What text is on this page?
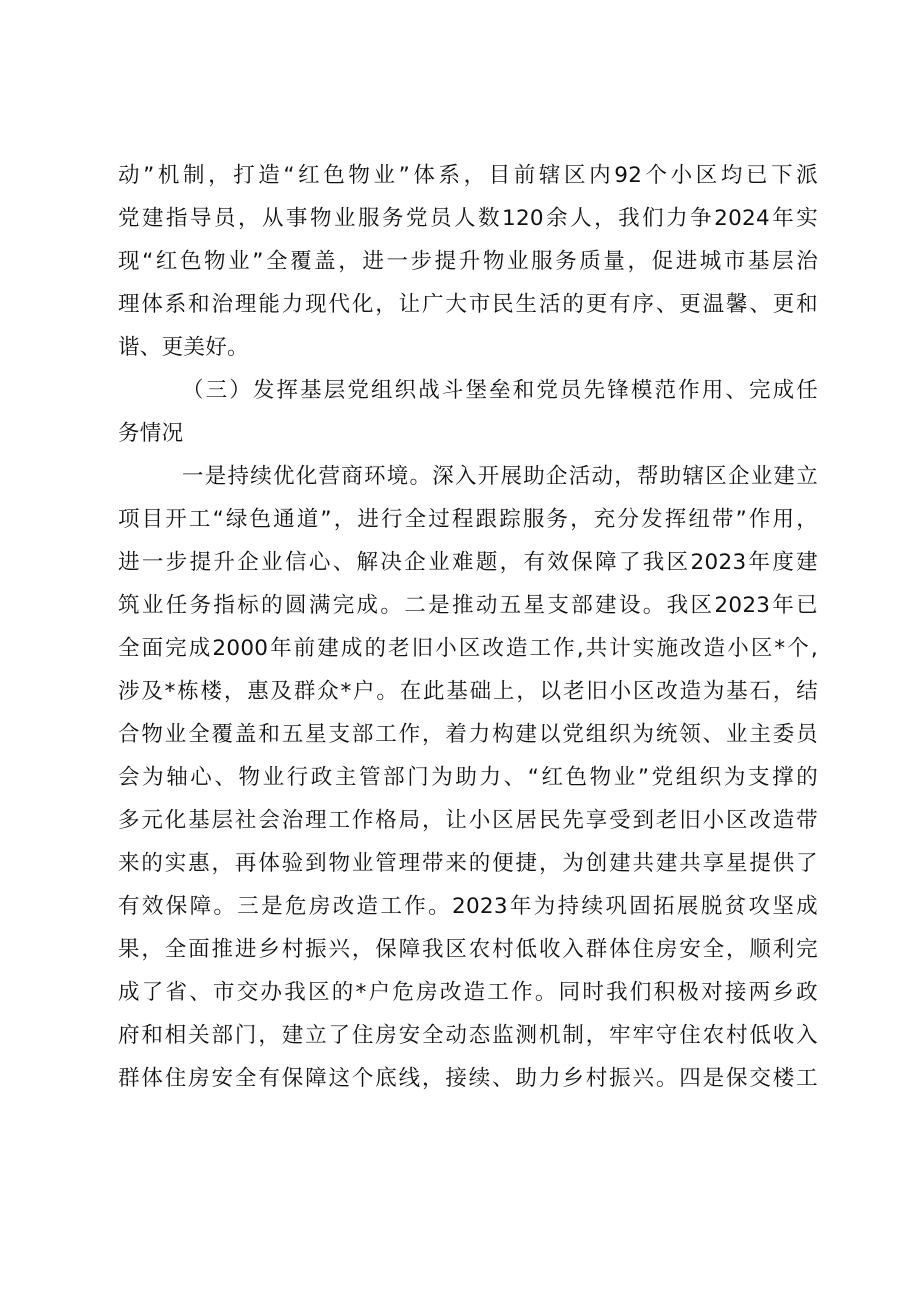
动”机制，打造“红色物业”体系，目前辖区内92个小区均已下派
党建指导员，从事物业服务党员人数120余人，我们力争2024年实
现“红色物业”全覆盖，进一步提升物业服务质量，促进城市基层治
理体系和治理能力现代化，让广大市民生活的更有序、更温馨、更和
谐、更美好。
（三）发挥基层党组织战斗堡垒和党员先锋模范作用、完成任
务情况
一是持续优化营商环境。深入开展助企活动，帮助辖区企业建立
项目开工“绿色通道”，进行全过程跟踪服务，充分发挥纽带”作用，
进一步提升企业信心、解决企业难题，有效保障了我区2023年度建
筑业任务指标的圆满完成。二是推动五星支部建设。我区2023年已
全面完成2000年前建成的老旧小区改造工作,共计实施改造小区*个,
涉及*栋楼，惠及群众*户。在此基础上，以老旧小区改造为基石，结
合物业全覆盖和五星支部工作，着力构建以党组织为统领、业主委员
会为轴心、物业行政主管部门为助力、“红色物业”党组织为支撑的
多元化基层社会治理工作格局，让小区居民先享受到老旧小区改造带
来的实惠，再体验到物业管理带来的便捷，为创建共建共享星提供了
有效保障。三是危房改造工作。2023年为持续巩固拓展脱贫攻坚成
果，全面推进乡村振兴，保障我区农村低收入群体住房安全，顺利完
成了省、市交办我区的*户危房改造工作。同时我们积极对接两乡政
府和相关部门，建立了住房安全动态监测机制，牢牢守住农村低收入
群体住房安全有保障这个底线，接续、助力乡村振兴。四是保交楼工
